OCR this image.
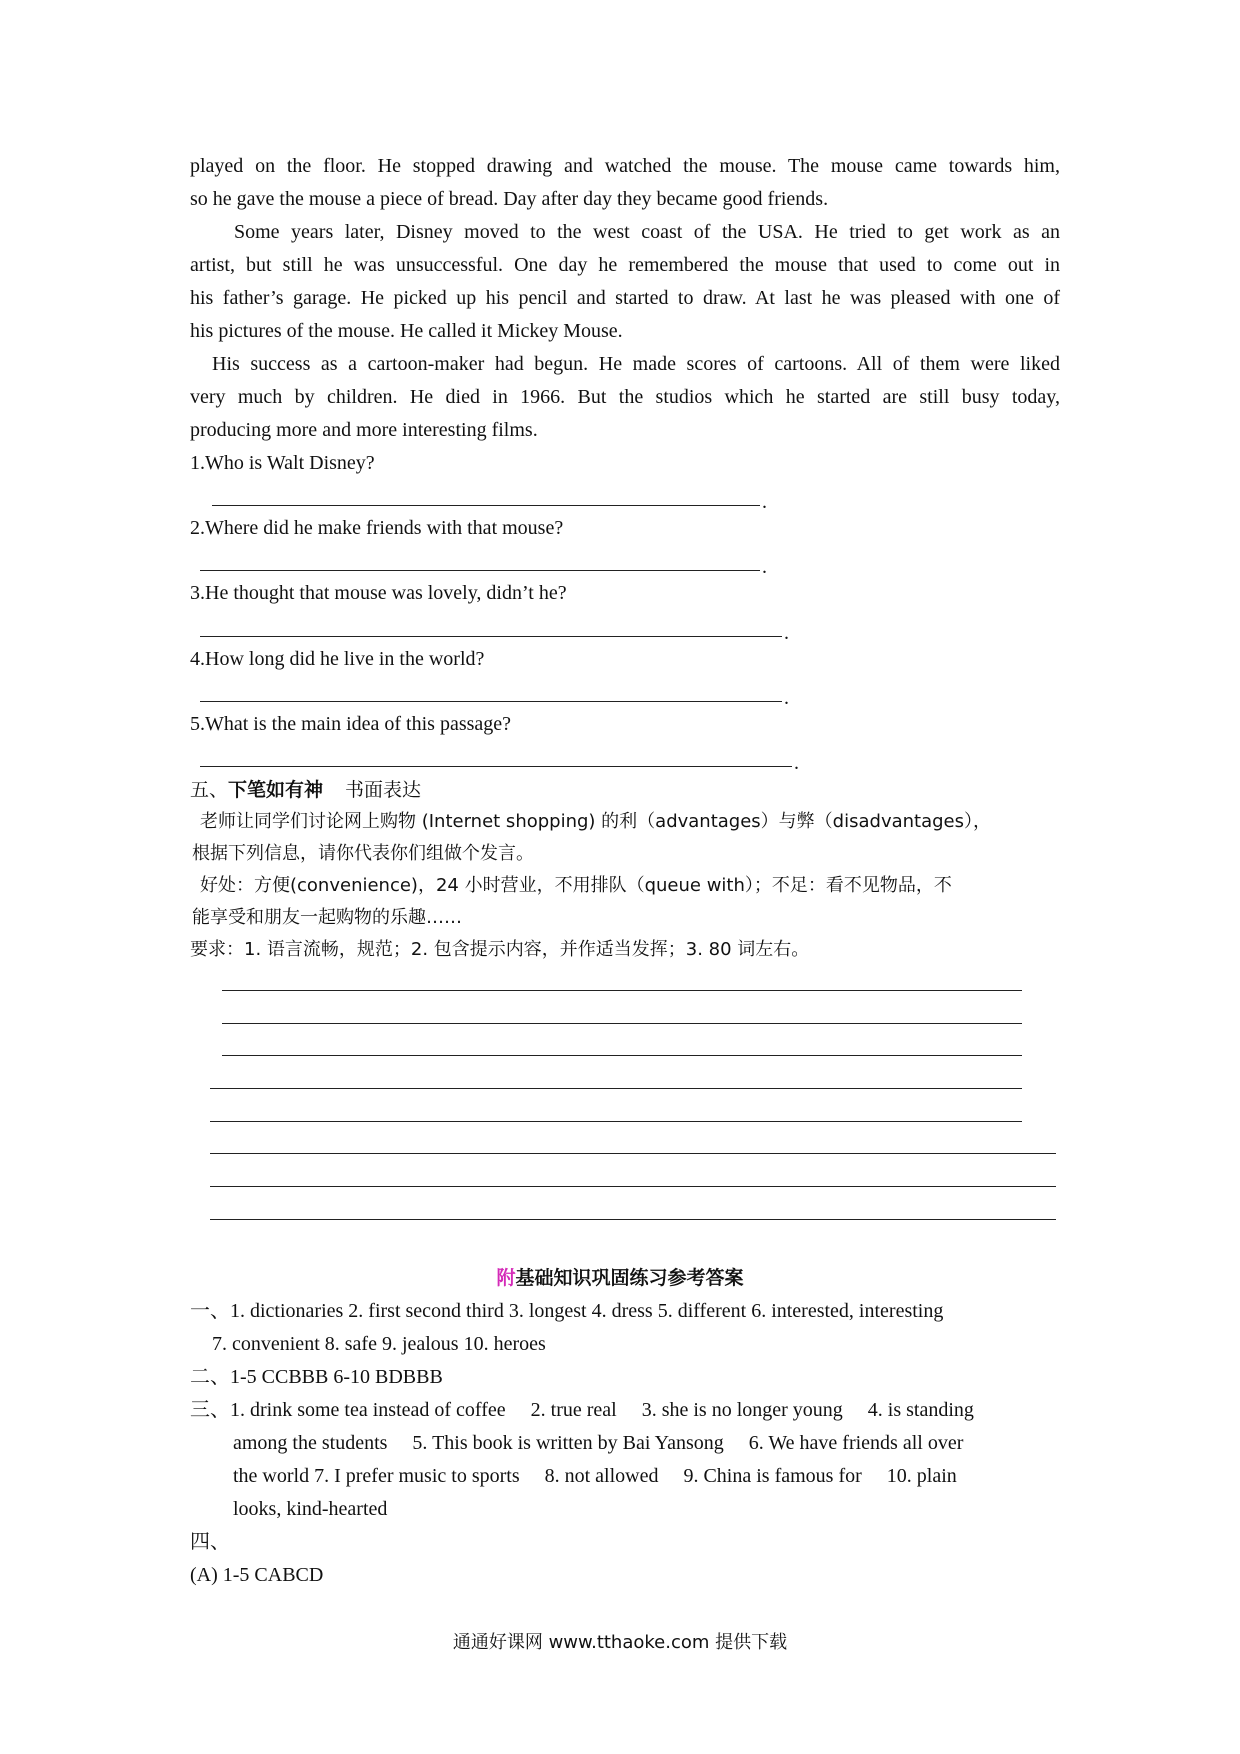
played on the floor. He stopped drawing and watched the mouse. The mouse came towards him,
so he gave the mouse a piece of bread. Day after day they became good friends.
Some years later, Disney moved to the west coast of the USA. He tried to get work as an
artist, but still he was unsuccessful. One day he remembered the mouse that used to come out in
his father’s garage. He picked up his pencil and started to draw. At last he was pleased with one of
his pictures of the mouse. He called it Mickey Mouse.
His success as a cartoon-maker had begun. He made scores of cartoons. All of them were liked
very much by children. He died in 1966. But the studios which he started are still busy today,
producing more and more interesting films.
1.Who is Walt Disney?
.
2.Where did he make friends with that mouse?
.
3.He thought that mouse was lovely, didn’t he?
.
4.How long did he live in the world?
.
5.What is the main idea of this passage?
.
五、下笔如有神 书面表达
老师让同学们讨论网上购物 (Internet shopping) 的利（advantages）与弊（disadvantages），
根据下列信息，请你代表你们组做个发言。
好处：方便(convenience)，24 小时营业，不用排队（queue with）；不足：看不见物品，不
能享受和朋友一起购物的乐趣……
要求：1. 语言流畅，规范；2. 包含提示内容，并作适当发挥；3. 80 词左右。
附基础知识巩固练习参考答案
一、1. dictionaries 2. first second third 3. longest 4. dress 5. different 6. interested, interesting
7. convenient 8. safe 9. jealous 10. heroes
二、1-5 CCBBB 6-10 BDBBB
三、1. drink some tea instead of coffee     2. true real     3. she is no longer young     4. is standing
among the students     5. This book is written by Bai Yansong     6. We have friends all over
the world 7. I prefer music to sports     8. not allowed     9. China is famous for     10. plain
looks, kind-hearted
四、
(A) 1-5 CABCD
通通好课网 www.tthaoke.com 提供下载
